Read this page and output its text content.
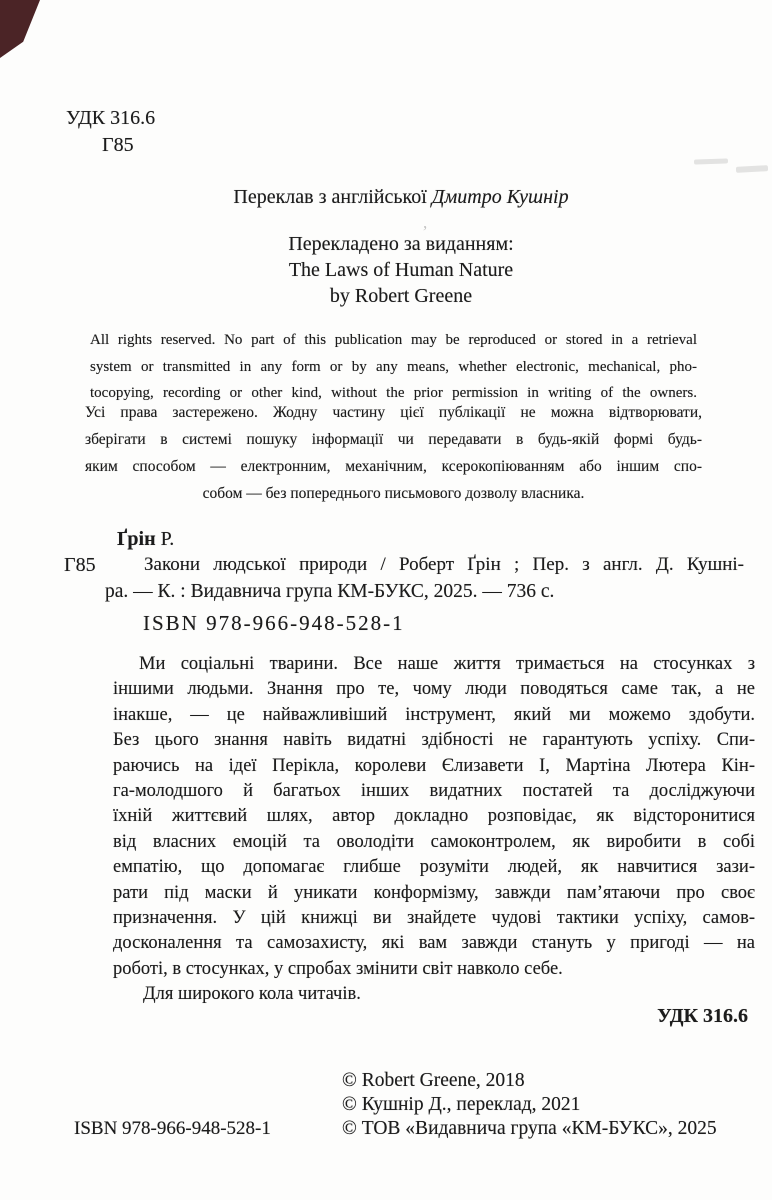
,
УДК 316.6
Г85
Переклав з англійської Дмитро Кушнір
Перекладено за виданням:
The Laws of Human Nature
by Robert Greene
All rights reserved. No part of this publication may be reproduced or stored in a retrieval
system or transmitted in any form or by any means, whether electronic, mechanical, pho-
tocopying, recording or other kind, without the prior permission in writing of the owners.
Усі права застережено. Жодну частину цієї публікації не можна відтворювати,
зберігати в системі пошуку інформації чи передавати в будь-якій формі будь-
яким способом — електронним, механічним, ксерокопіюванням або іншим спо-
собом — без попереднього письмового дозволу власника.
Ґрін Р.
Г85	Закони людської природи / Роберт Ґрін ; Пер. з англ. Д. Кушні-
ра. — К. : Видавнича група КМ-БУКС, 2025. — 736 с.
ISBN 978-966-948-528-1
Ми соціальні тварини. Все наше життя тримається на стосунках з
іншими людьми. Знання про те, чому люди поводяться саме так, а не
інакше, — це найважливіший інструмент, який ми можемо здобути.
Без цього знання навіть видатні здібності не гарантують успіху. Спи-
раючись на ідеї Перікла, королеви Єлизавети І, Мартіна Лютера Кін-
га-молодшого й багатьох інших видатних постатей та досліджуючи
їхній життєвий шлях, автор докладно розповідає, як відсторонитися
від власних емоцій та оволодіти самоконтролем, як виробити в собі
емпатію, що допомагає глибше розуміти людей, як навчитися зази-
рати під маски й уникати конформізму, завжди пам’ятаючи про своє
призначення. У цій книжці ви знайдете чудові тактики успіху, самов-
досконалення та самозахисту, які вам завжди стануть у пригоді — на
роботі, в стосунках, у спробах змінити світ навколо себе.
Для широкого кола читачів.
УДК 316.6
© Robert Greene, 2018
© Кушнір Д., переклад, 2021
© ТОВ «Видавнича група «КМ-БУКС», 2025
ISBN 978-966-948-528-1
